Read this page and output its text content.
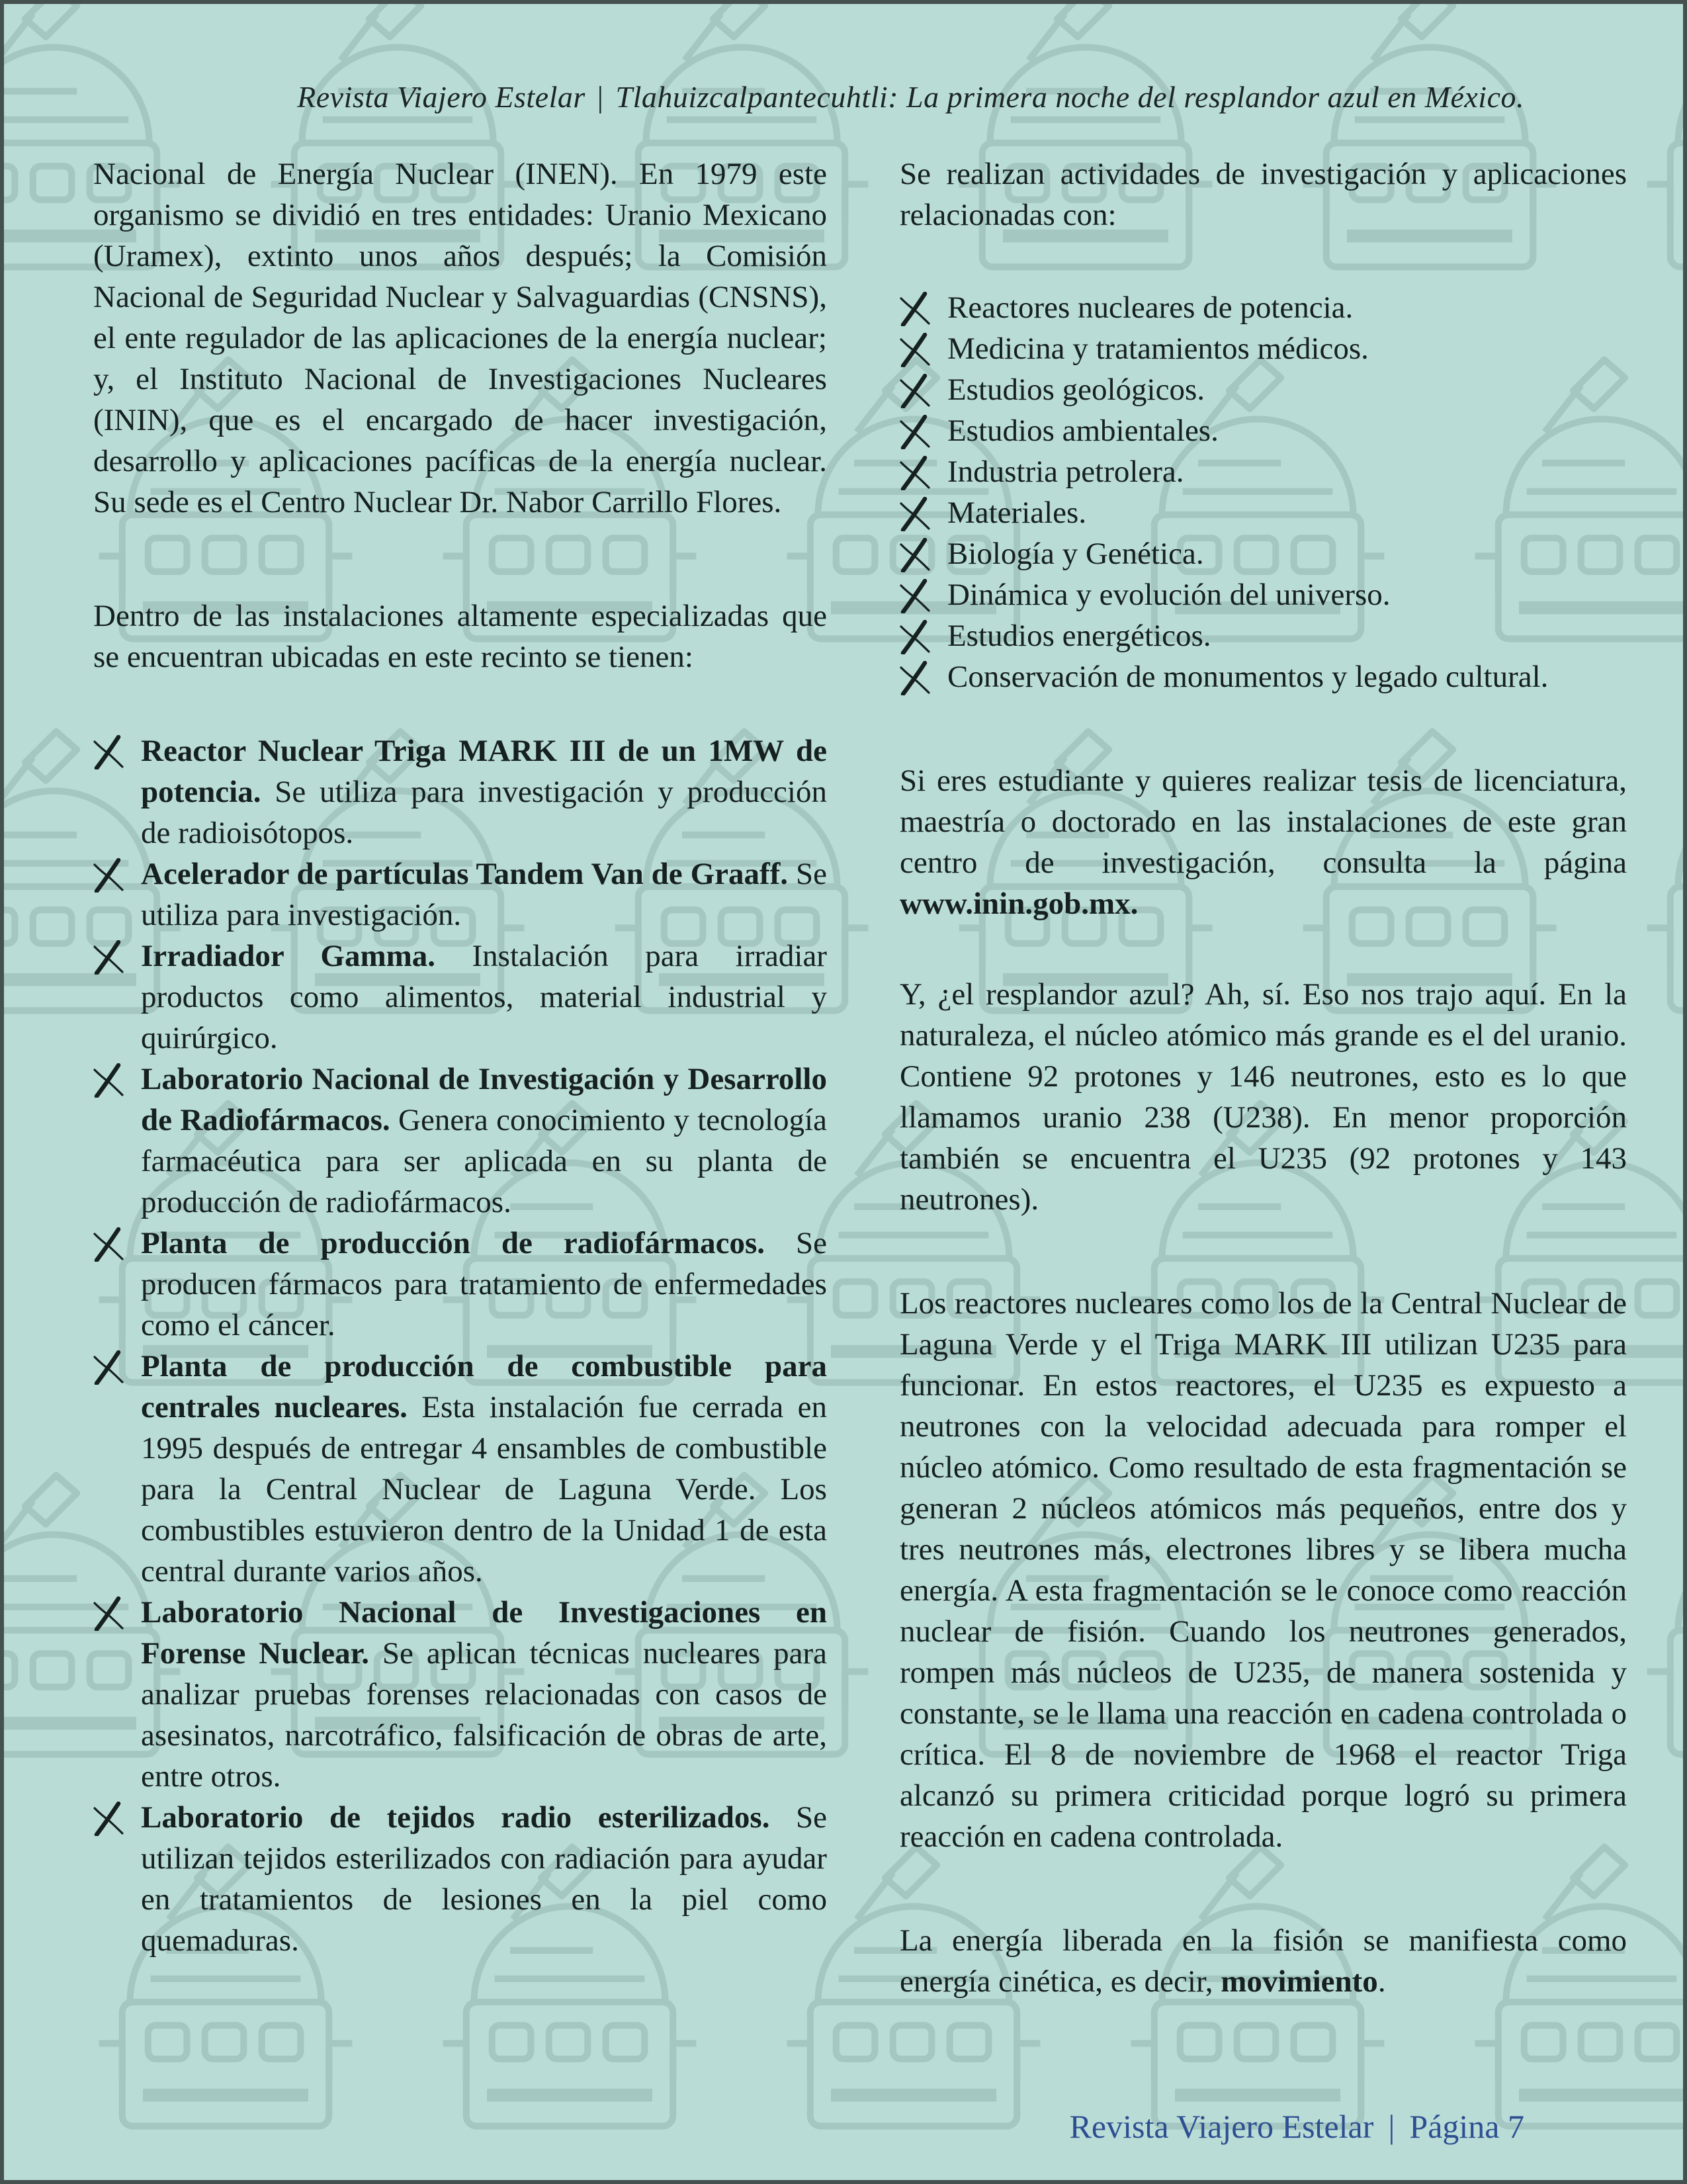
Revista Viajero Estelar | Tlahuizcalpantecuhtli: La primera noche del resplandor azul en México.

Nacional de Energía Nuclear (INEN). En 1979 este organismo se dividió en tres entidades: Uranio Mexicano (Uramex), extinto unos años después; la Comisión Nacional de Seguridad Nuclear y Salvaguardias (CNSNS), el ente regulador de las aplicaciones de la energía nuclear; y, el Instituto Nacional de Investigaciones Nucleares (ININ), que es el encargado de hacer investigación, desarrollo y aplicaciones pacíficas de la energía nuclear. Su sede es el Centro Nuclear Dr. Nabor Carrillo Flores.

Dentro de las instalaciones altamente especializadas que se encuentran ubicadas en este recinto se tienen:

Reactor Nuclear Triga MARK III de un 1MW de potencia. Se utiliza para investigación y producción de radioisótopos.
Acelerador de partículas Tandem Van de Graaff. Se utiliza para investigación.
Irradiador Gamma. Instalación para irradiar productos como alimentos, material industrial y quirúrgico.
Laboratorio Nacional de Investigación y Desarrollo de Radiofármacos. Genera conocimiento y tecnología farmacéutica para ser aplicada en su planta de producción de radiofármacos.
Planta de producción de radiofármacos. Se producen fármacos para tratamiento de enfermedades como el cáncer.
Planta de producción de combustible para centrales nucleares. Esta instalación fue cerrada en 1995 después de entregar 4 ensambles de combustible para la Central Nuclear de Laguna Verde. Los combustibles estuvieron dentro de la Unidad 1 de esta central durante varios años.
Laboratorio Nacional de Investigaciones en Forense Nuclear. Se aplican técnicas nucleares para analizar pruebas forenses relacionadas con casos de asesinatos, narcotráfico, falsificación de obras de arte, entre otros.
Laboratorio de tejidos radio esterilizados. Se utilizan tejidos esterilizados con radiación para ayudar en tratamientos de lesiones en la piel como quemaduras.

Se realizan actividades de investigación y aplicaciones relacionadas con:

Reactores nucleares de potencia.
Medicina y tratamientos médicos.
Estudios geológicos.
Estudios ambientales.
Industria petrolera.
Materiales.
Biología y Genética.
Dinámica y evolución del universo.
Estudios energéticos.
Conservación de monumentos y legado cultural.

Si eres estudiante y quieres realizar tesis de licenciatura, maestría o doctorado en las instalaciones de este gran centro de investigación, consulta la página www.inin.gob.mx.

Y, ¿el resplandor azul? Ah, sí. Eso nos trajo aquí. En la naturaleza, el núcleo atómico más grande es el del uranio. Contiene 92 protones y 146 neutrones, esto es lo que llamamos uranio 238 (U238). En menor proporción también se encuentra el U235 (92 protones y 143 neutrones).

Los reactores nucleares como los de la Central Nuclear de Laguna Verde y el Triga MARK III utilizan U235 para funcionar. En estos reactores, el U235 es expuesto a neutrones con la velocidad adecuada para romper el núcleo atómico. Como resultado de esta fragmentación se generan 2 núcleos atómicos más pequeños, entre dos y tres neutrones más, electrones libres y se libera mucha energía. A esta fragmentación se le conoce como reacción nuclear de fisión. Cuando los neutrones generados, rompen más núcleos de U235, de manera sostenida y constante, se le llama una reacción en cadena controlada o crítica. El 8 de noviembre de 1968 el reactor Triga alcanzó su primera criticidad porque logró su primera reacción en cadena controlada.

La energía liberada en la fisión se manifiesta como energía cinética, es decir, movimiento.

Revista Viajero Estelar | Página 7
